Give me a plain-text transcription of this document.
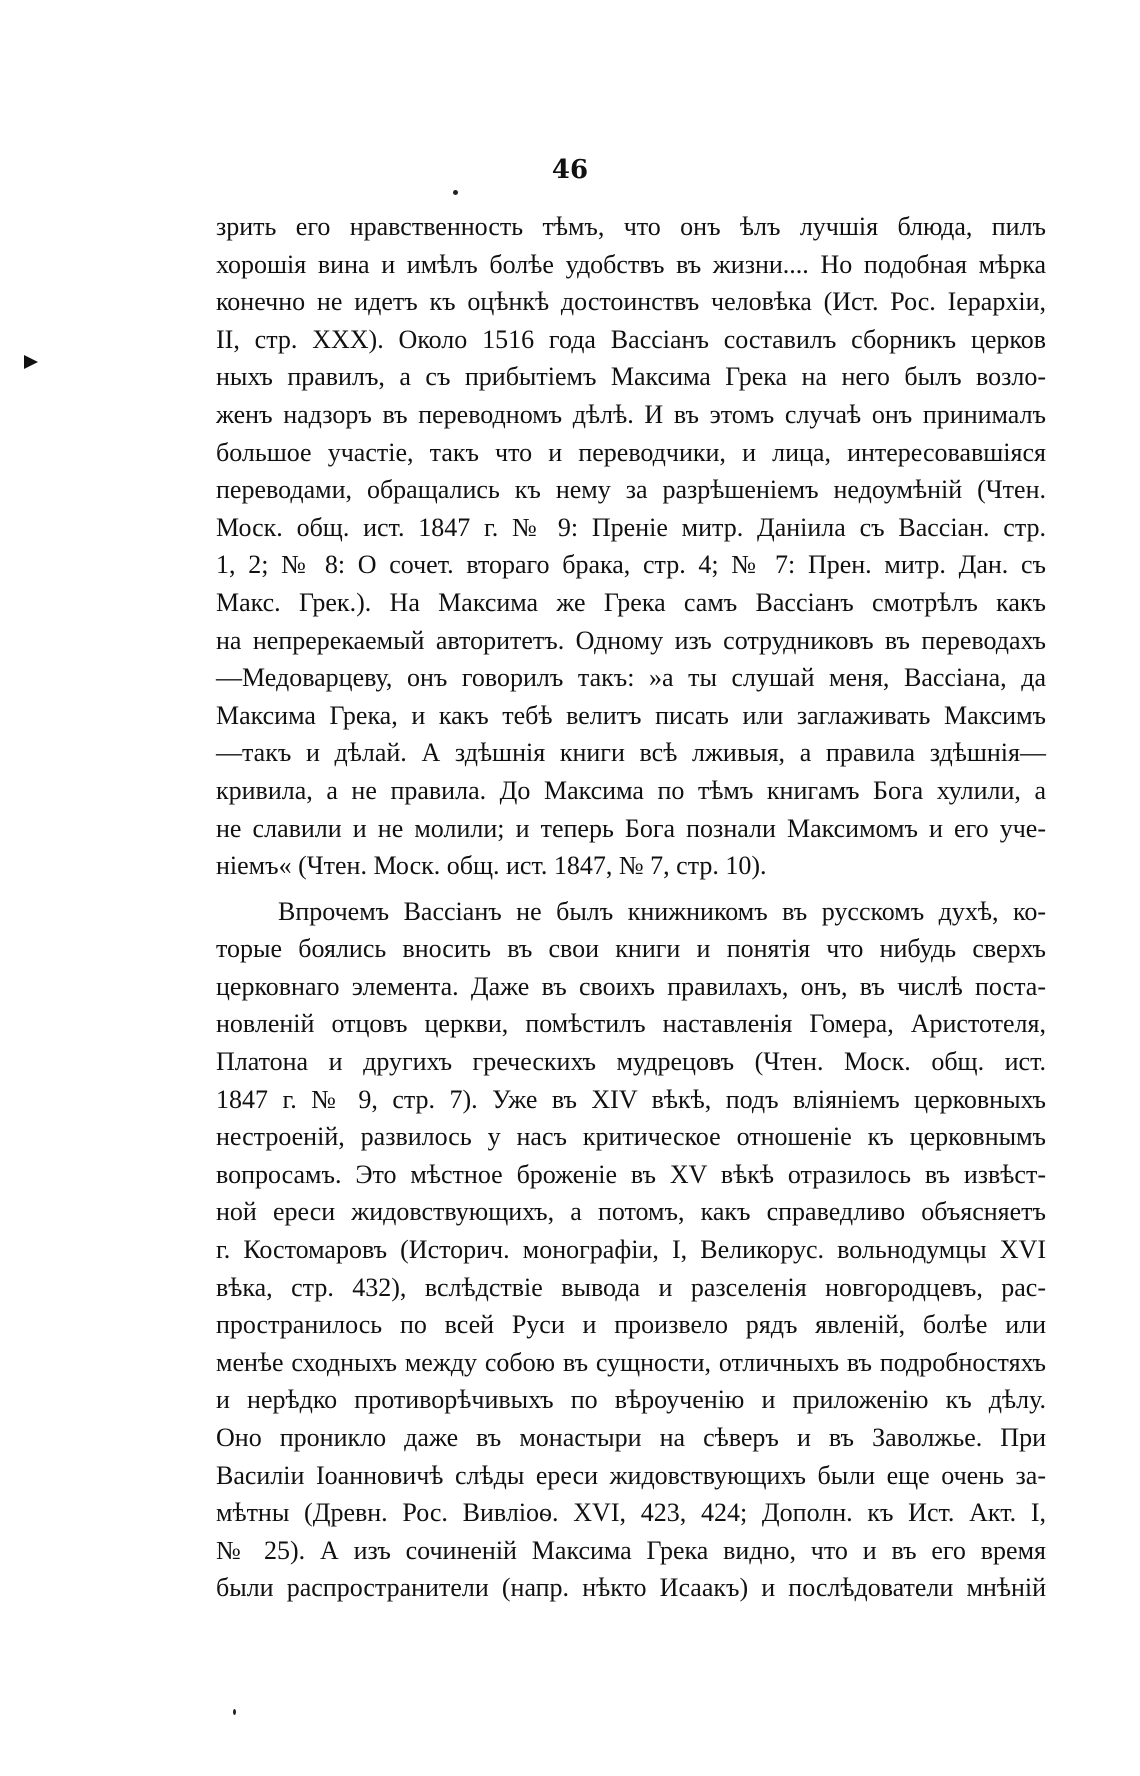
46
зрить его нравственность тѣмъ, что онъ ѣлъ лучшія блюда, пилъ
хорошія вина и имѣлъ болѣе удобствъ въ жизни.... Но подобная мѣрка
конечно не идетъ къ оцѣнкѣ достоинствъ человѣка (Ист. Рос. Іерархіи,
II, стр. XXX). Около 1516 года Вассіанъ составилъ сборникъ церков
ныхъ правилъ, а съ прибытіемъ Максима Грека на него былъ возло-
женъ надзоръ въ переводномъ дѣлѣ. И въ этомъ случаѣ онъ принималъ
большое участіе, такъ что и переводчики, и лица, интересовавшіяся
переводами, обращались къ нему за разрѣшеніемъ недоумѣній (Чтен.
Моск. общ. ист. 1847 г. № 9: Преніе митр. Даніила съ Вассіан. стр.
1, 2; № 8: О сочет. втораго брака, стр. 4; № 7: Прен. митр. Дан. съ
Макс. Грек.). На Максима же Грека самъ Вассіанъ смотрѣлъ какъ
на непререкаемый авторитетъ. Одному изъ сотрудниковъ въ переводахъ
—Медоварцеву, онъ говорилъ такъ: »а ты слушай меня, Вассіана, да
Максима Грека, и какъ тебѣ велитъ писать или заглаживать Максимъ
—такъ и дѣлай. А здѣшнія книги всѣ лживыя, а правила здѣшнія—
кривила, а не правила. До Максима по тѣмъ книгамъ Бога хулили, а
не славили и не молили; и теперь Бога познали Максимомъ и его уче-
ніемъ« (Чтен. Моск. общ. ист. 1847, № 7, стр. 10).
Впрочемъ Вассіанъ не былъ книжникомъ въ русскомъ духѣ, ко-
торые боялись вносить въ свои книги и понятія что нибудь сверхъ
церковнаго элемента. Даже въ своихъ правилахъ, онъ, въ числѣ поста-
новленій отцовъ церкви, помѣстилъ наставленія Гомера, Аристотеля,
Платона и другихъ греческихъ мудрецовъ (Чтен. Моск. общ. ист.
1847 г. № 9, стр. 7). Уже въ XIV вѣкѣ, подъ вліяніемъ церковныхъ
нестроеній, развилось у насъ критическое отношеніе къ церковнымъ
вопросамъ. Это мѣстное броженіе въ XV вѣкѣ отразилось въ извѣст-
ной ереси жидовствующихъ, а потомъ, какъ справедливо объясняетъ
г. Костомаровъ (Историч. монографіи, I, Великорус. вольнодумцы XVI
вѣка, стр. 432), вслѣдствіе вывода и разселенія новгородцевъ, рас-
пространилось по всей Руси и произвело рядъ явленій, болѣе или
менѣе сходныхъ между собою въ сущности, отличныхъ въ подробностяхъ
и нерѣдко противорѣчивыхъ по вѣроученію и приложенію къ дѣлу.
Оно проникло даже въ монастыри на сѣверъ и въ Заволжье. При
Василіи Іоанновичѣ слѣды ереси жидовствующихъ были еще очень за-
мѣтны (Древн. Рос. Вивліоѳ. XVI, 423, 424; Дополн. къ Ист. Акт. I,
№ 25). А изъ сочиненій Максима Грека видно, что и въ его время
были распространители (напр. нѣкто Исаакъ) и послѣдователи мнѣній
